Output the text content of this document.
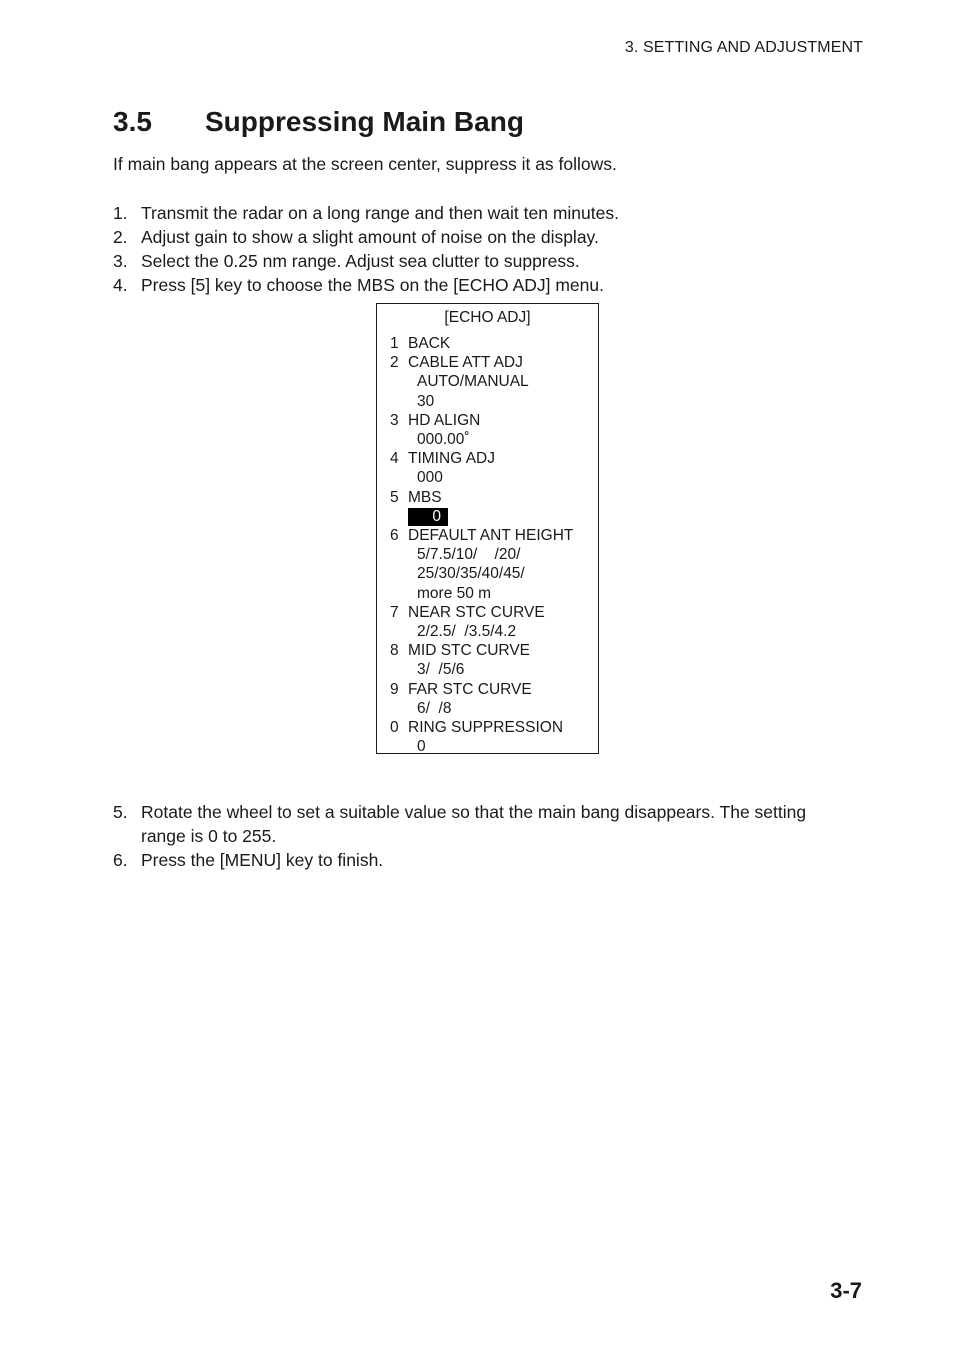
3. SETTING AND ADJUSTMENT
3.5	Suppressing Main Bang

If main bang appears at the screen center, suppress it as follows.

1. Transmit the radar on a long range and then wait ten minutes.
2. Adjust gain to show a slight amount of noise on the display.
3. Select the 0.25 nm range. Adjust sea clutter to suppress.
4. Press [5] key to choose the MBS on the [ECHO ADJ] menu.
[ECHO ADJ]
1 BACK
2 CABLE ATT ADJ
AUTO/MANUAL
30
3 HD ALIGN
000.00˚
4 TIMING ADJ
000
5 MBS
0
6 DEFAULT ANT HEIGHT
5/7.5/10/    /20/
25/30/35/40/45/
more 50 m
7 NEAR STC CURVE
2/2.5/  /3.5/4.2
8 MID STC CURVE
3/  /5/6
9 FAR STC CURVE
6/  /8
0 RING SUPPRESSION
0
5. Rotate the wheel to set a suitable value so that the main bang disappears. The setting range is 0 to 255.
6. Press the [MENU] key to finish.
3-7
